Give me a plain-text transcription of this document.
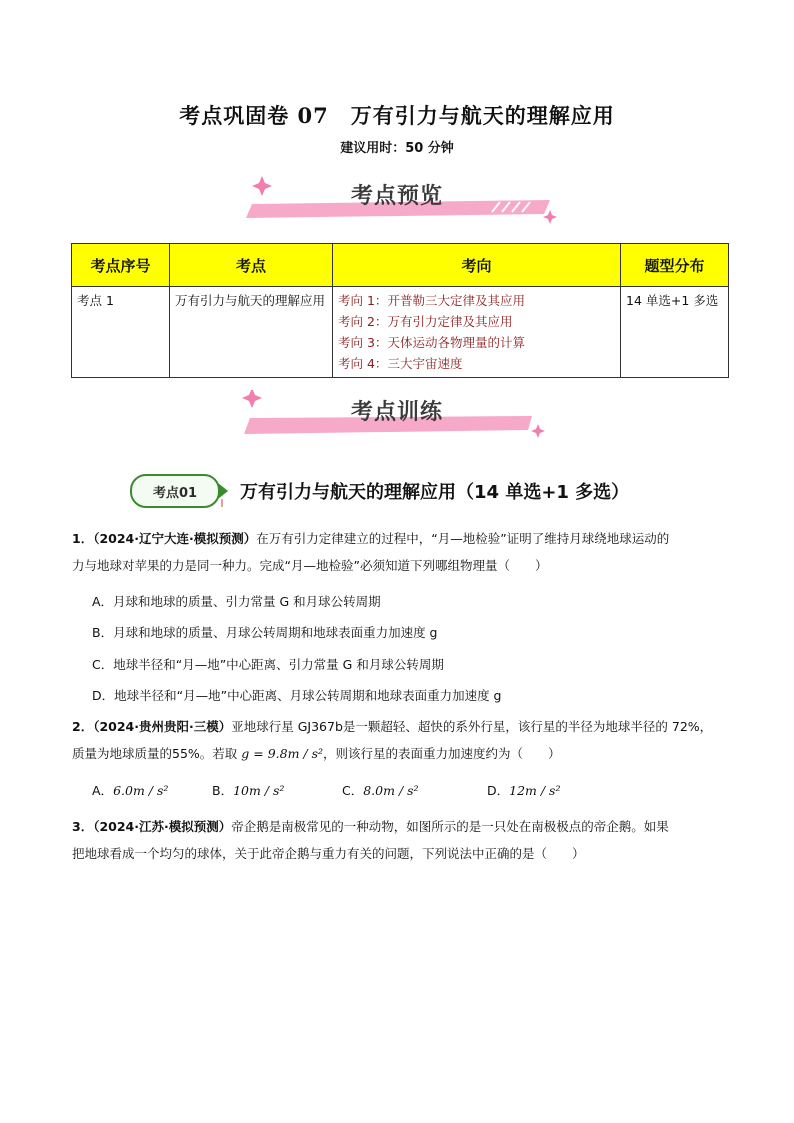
考点巩固卷 07　万有引力与航天的理解应用
建议用时：50 分钟
考点预览
考点序号	考点	考向	题型分布
考点 1	万有引力与航天的理解应用	考向 1：开普勒三大定律及其应用
考向 2：万有引力定律及其应用
考向 3：天体运动各物理量的计算
考向 4：三大宇宙速度	14 单选+1 多选
考点训练
考点01	万有引力与航天的理解应用（14 单选+1 多选）
1．（2024·辽宁大连·模拟预测）在万有引力定律建立的过程中，“月—地检验”证明了维持月球绕地球运动的
力与地球对苹果的力是同一种力。完成“月—地检验”必须知道下列哪组物理量（　　）
A．月球和地球的质量、引力常量 G 和月球公转周期
B．月球和地球的质量、月球公转周期和地球表面重力加速度 g
C．地球半径和“月—地”中心距离、引力常量 G 和月球公转周期
D．地球半径和“月—地”中心距离、月球公转周期和地球表面重力加速度 g
2．（2024·贵州贵阳·三模）亚地球行星 GJ367b是一颗超轻、超快的系外行星，该行星的半径为地球半径的 72%，
质量为地球质量的55%。若取 g = 9.8m / s²，则该行星的表面重力加速度约为（　　）
A．6.0m / s²	B．10m / s²	C．8.0m / s²	D．12m / s²
3．（2024·江苏·模拟预测）帝企鹅是南极常见的一种动物，如图所示的是一只处在南极极点的帝企鹅。如果
把地球看成一个均匀的球体，关于此帝企鹅与重力有关的问题，下列说法中正确的是（　　）
